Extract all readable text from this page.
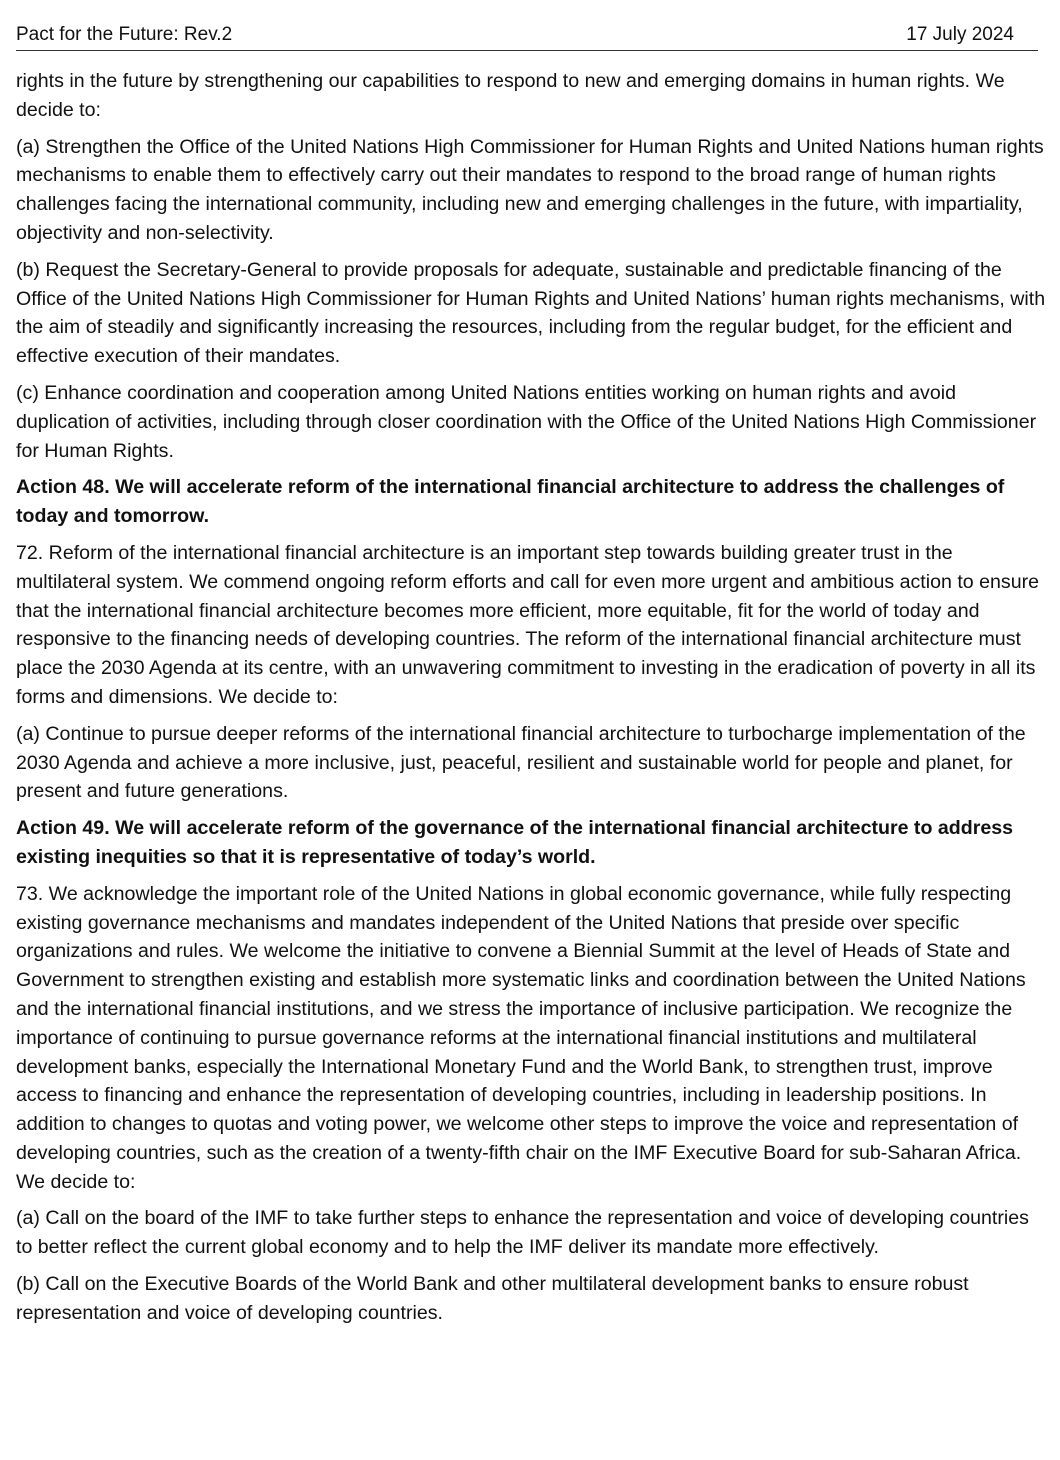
Pact for the Future: Rev.2	17 July 2024

rights in the future by strengthening our capabilities to respond to new and emerging domains in human rights. We decide to:

(a) Strengthen the Office of the United Nations High Commissioner for Human Rights and United Nations human rights mechanisms to enable them to effectively carry out their mandates to respond to the broad range of human rights challenges facing the international community, including new and emerging challenges in the future, with impartiality, objectivity and non-selectivity.

(b) Request the Secretary-General to provide proposals for adequate, sustainable and predictable financing of the Office of the United Nations High Commissioner for Human Rights and United Nations’ human rights mechanisms, with the aim of steadily and significantly increasing the resources, including from the regular budget, for the efficient and effective execution of their mandates.

(c) Enhance coordination and cooperation among United Nations entities working on human rights and avoid duplication of activities, including through closer coordination with the Office of the United Nations High Commissioner for Human Rights.

Action 48. We will accelerate reform of the international financial architecture to address the challenges of today and tomorrow.

72. Reform of the international financial architecture is an important step towards building greater trust in the multilateral system. We commend ongoing reform efforts and call for even more urgent and ambitious action to ensure that the international financial architecture becomes more efficient, more equitable, fit for the world of today and responsive to the financing needs of developing countries. The reform of the international financial architecture must place the 2030 Agenda at its centre, with an unwavering commitment to investing in the eradication of poverty in all its forms and dimensions. We decide to:

(a) Continue to pursue deeper reforms of the international financial architecture to turbocharge implementation of the 2030 Agenda and achieve a more inclusive, just, peaceful, resilient and sustainable world for people and planet, for present and future generations.

Action 49. We will accelerate reform of the governance of the international financial architecture to address existing inequities so that it is representative of today’s world.

73. We acknowledge the important role of the United Nations in global economic governance, while fully respecting existing governance mechanisms and mandates independent of the United Nations that preside over specific organizations and rules. We welcome the initiative to convene a Biennial Summit at the level of Heads of State and Government to strengthen existing and establish more systematic links and coordination between the United Nations and the international financial institutions, and we stress the importance of inclusive participation. We recognize the importance of continuing to pursue governance reforms at the international financial institutions and multilateral development banks, especially the International Monetary Fund and the World Bank, to strengthen trust, improve access to financing and enhance the representation of developing countries, including in leadership positions. In addition to changes to quotas and voting power, we welcome other steps to improve the voice and representation of developing countries, such as the creation of a twenty-fifth chair on the IMF Executive Board for sub-Saharan Africa. We decide to:

(a) Call on the board of the IMF to take further steps to enhance the representation and voice of developing countries to better reflect the current global economy and to help the IMF deliver its mandate more effectively.

(b) Call on the Executive Boards of the World Bank and other multilateral development banks to ensure robust representation and voice of developing countries.
